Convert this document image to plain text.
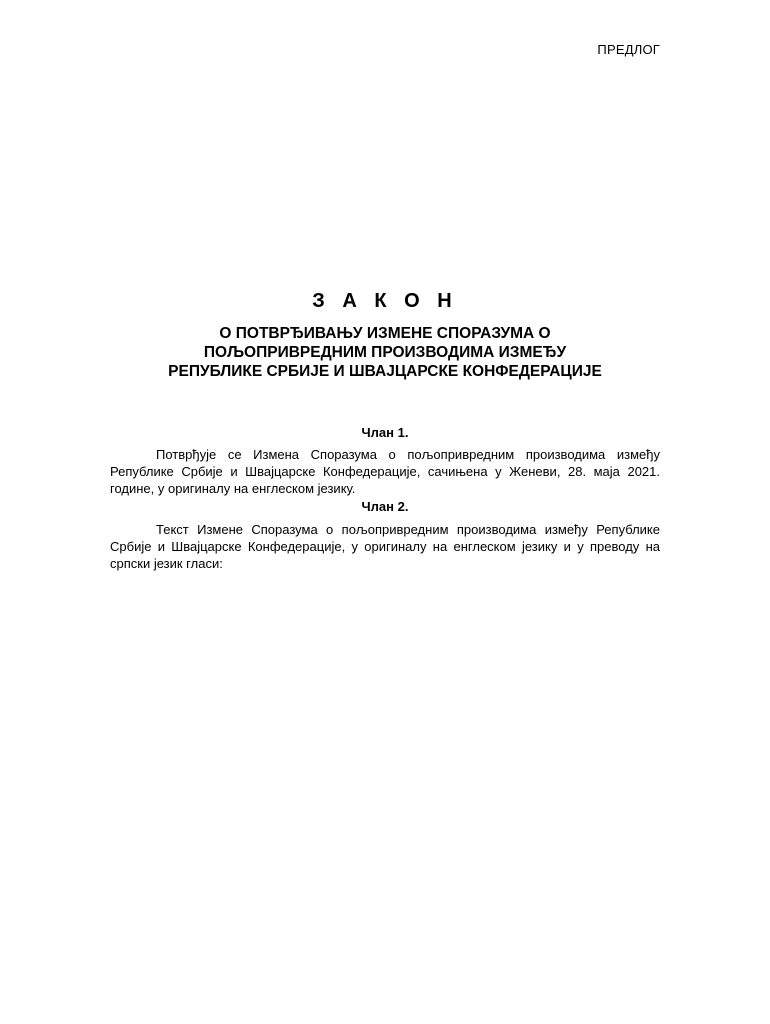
ПРЕДЛОГ
З А К О Н
О ПОТВРЂИВАЊУ ИЗМЕНЕ СПОРАЗУМА О ПОЉОПРИВРЕДНИМ ПРОИЗВОДИМА ИЗМЕЂУ РЕПУБЛИКЕ СРБИЈЕ И ШВАЈЦАРСКЕ КОНФЕДЕРАЦИЈЕ
Члан 1.

Потврђује се Измена Споразума о пољопривредним производима између Републике Србије и Швајцарске Конфедерације, сачињена у Женеви, 28. маја 2021. године, у оригиналу на енглеском језику.

Члан 2.

Текст Измене Споразума о пољопривредним производима између Републике Србије и Швајцарске Конфедерације, у оригиналу на енглеском језику и у преводу на српски језик гласи:
